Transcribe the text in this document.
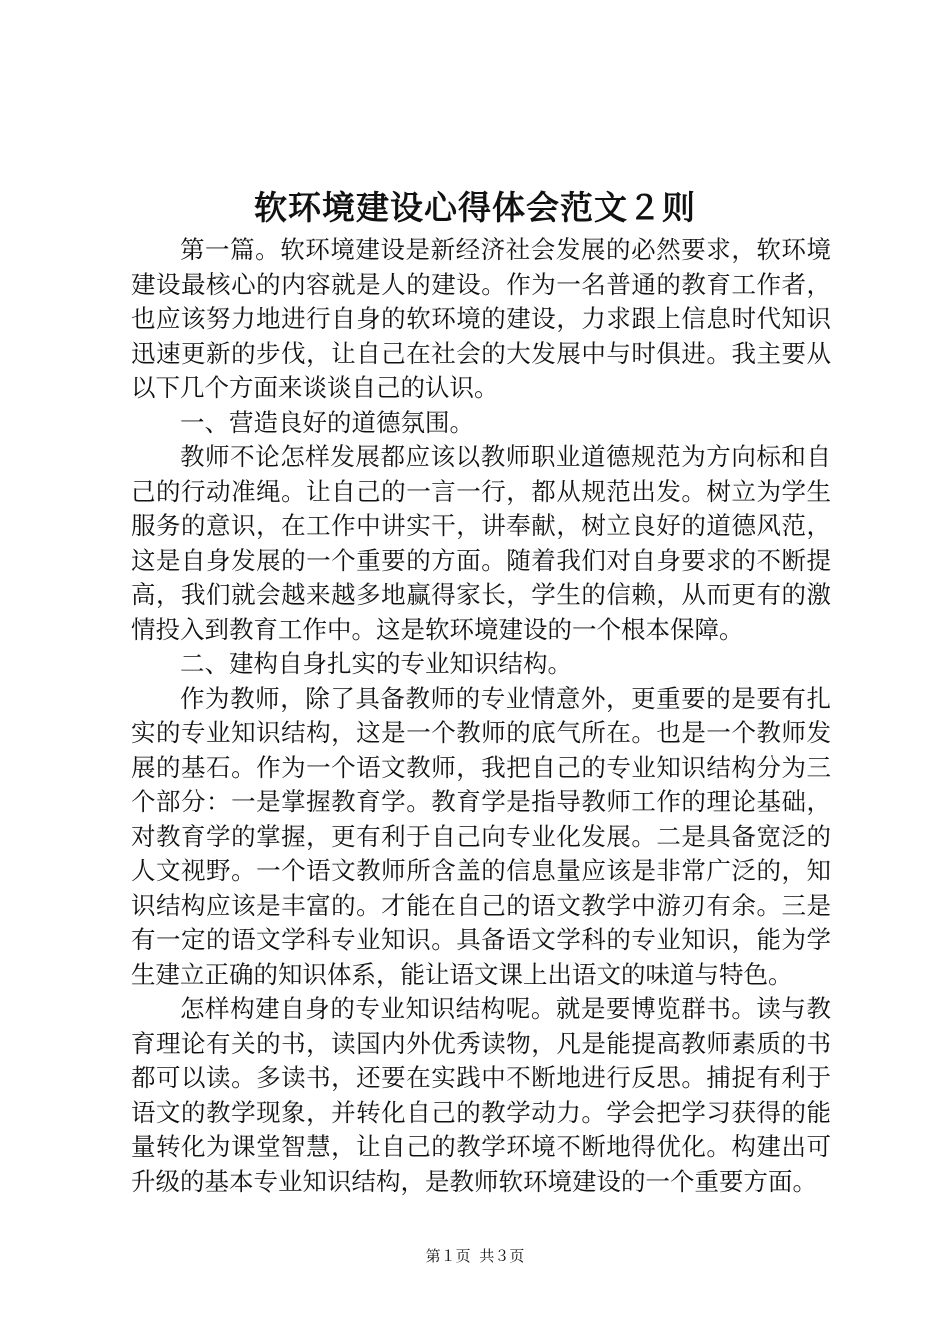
软环境建设心得体会范文２则

第一篇。软环境建设是新经济社会发展的必然要求，软环境建设最核心的内容就是人的建设。作为一名普通的教育工作者，也应该努力地进行自身的软环境的建设，力求跟上信息时代知识迅速更新的步伐，让自己在社会的大发展中与时俱进。我主要从以下几个方面来谈谈自己的认识。

一、营造良好的道德氛围。

教师不论怎样发展都应该以教师职业道德规范为方向标和自己的行动准绳。让自己的一言一行，都从规范出发。树立为学生服务的意识，在工作中讲实干，讲奉献，树立良好的道德风范，这是自身发展的一个重要的方面。随着我们对自身要求的不断提高，我们就会越来越多地赢得家长，学生的信赖，从而更有的激情投入到教育工作中。这是软环境建设的一个根本保障。

二、建构自身扎实的专业知识结构。

作为教师，除了具备教师的专业情意外，更重要的是要有扎实的专业知识结构，这是一个教师的底气所在。也是一个教师发展的基石。作为一个语文教师，我把自己的专业知识结构分为三个部分：一是掌握教育学。教育学是指导教师工作的理论基础，对教育学的掌握，更有利于自己向专业化发展。二是具备宽泛的人文视野。一个语文教师所含盖的信息量应该是非常广泛的，知识结构应该是丰富的。才能在自己的语文教学中游刃有余。三是有一定的语文学科专业知识。具备语文学科的专业知识，能为学生建立正确的知识体系，能让语文课上出语文的味道与特色。

怎样构建自身的专业知识结构呢。就是要博览群书。读与教育理论有关的书，读国内外优秀读物，凡是能提高教师素质的书都可以读。多读书，还要在实践中不断地进行反思。捕捉有利于语文的教学现象，并转化自己的教学动力。学会把学习获得的能量转化为课堂智慧，让自己的教学环境不断地得优化。构建出可升级的基本专业知识结构，是教师软环境建设的一个重要方面。

第１页 共３页
